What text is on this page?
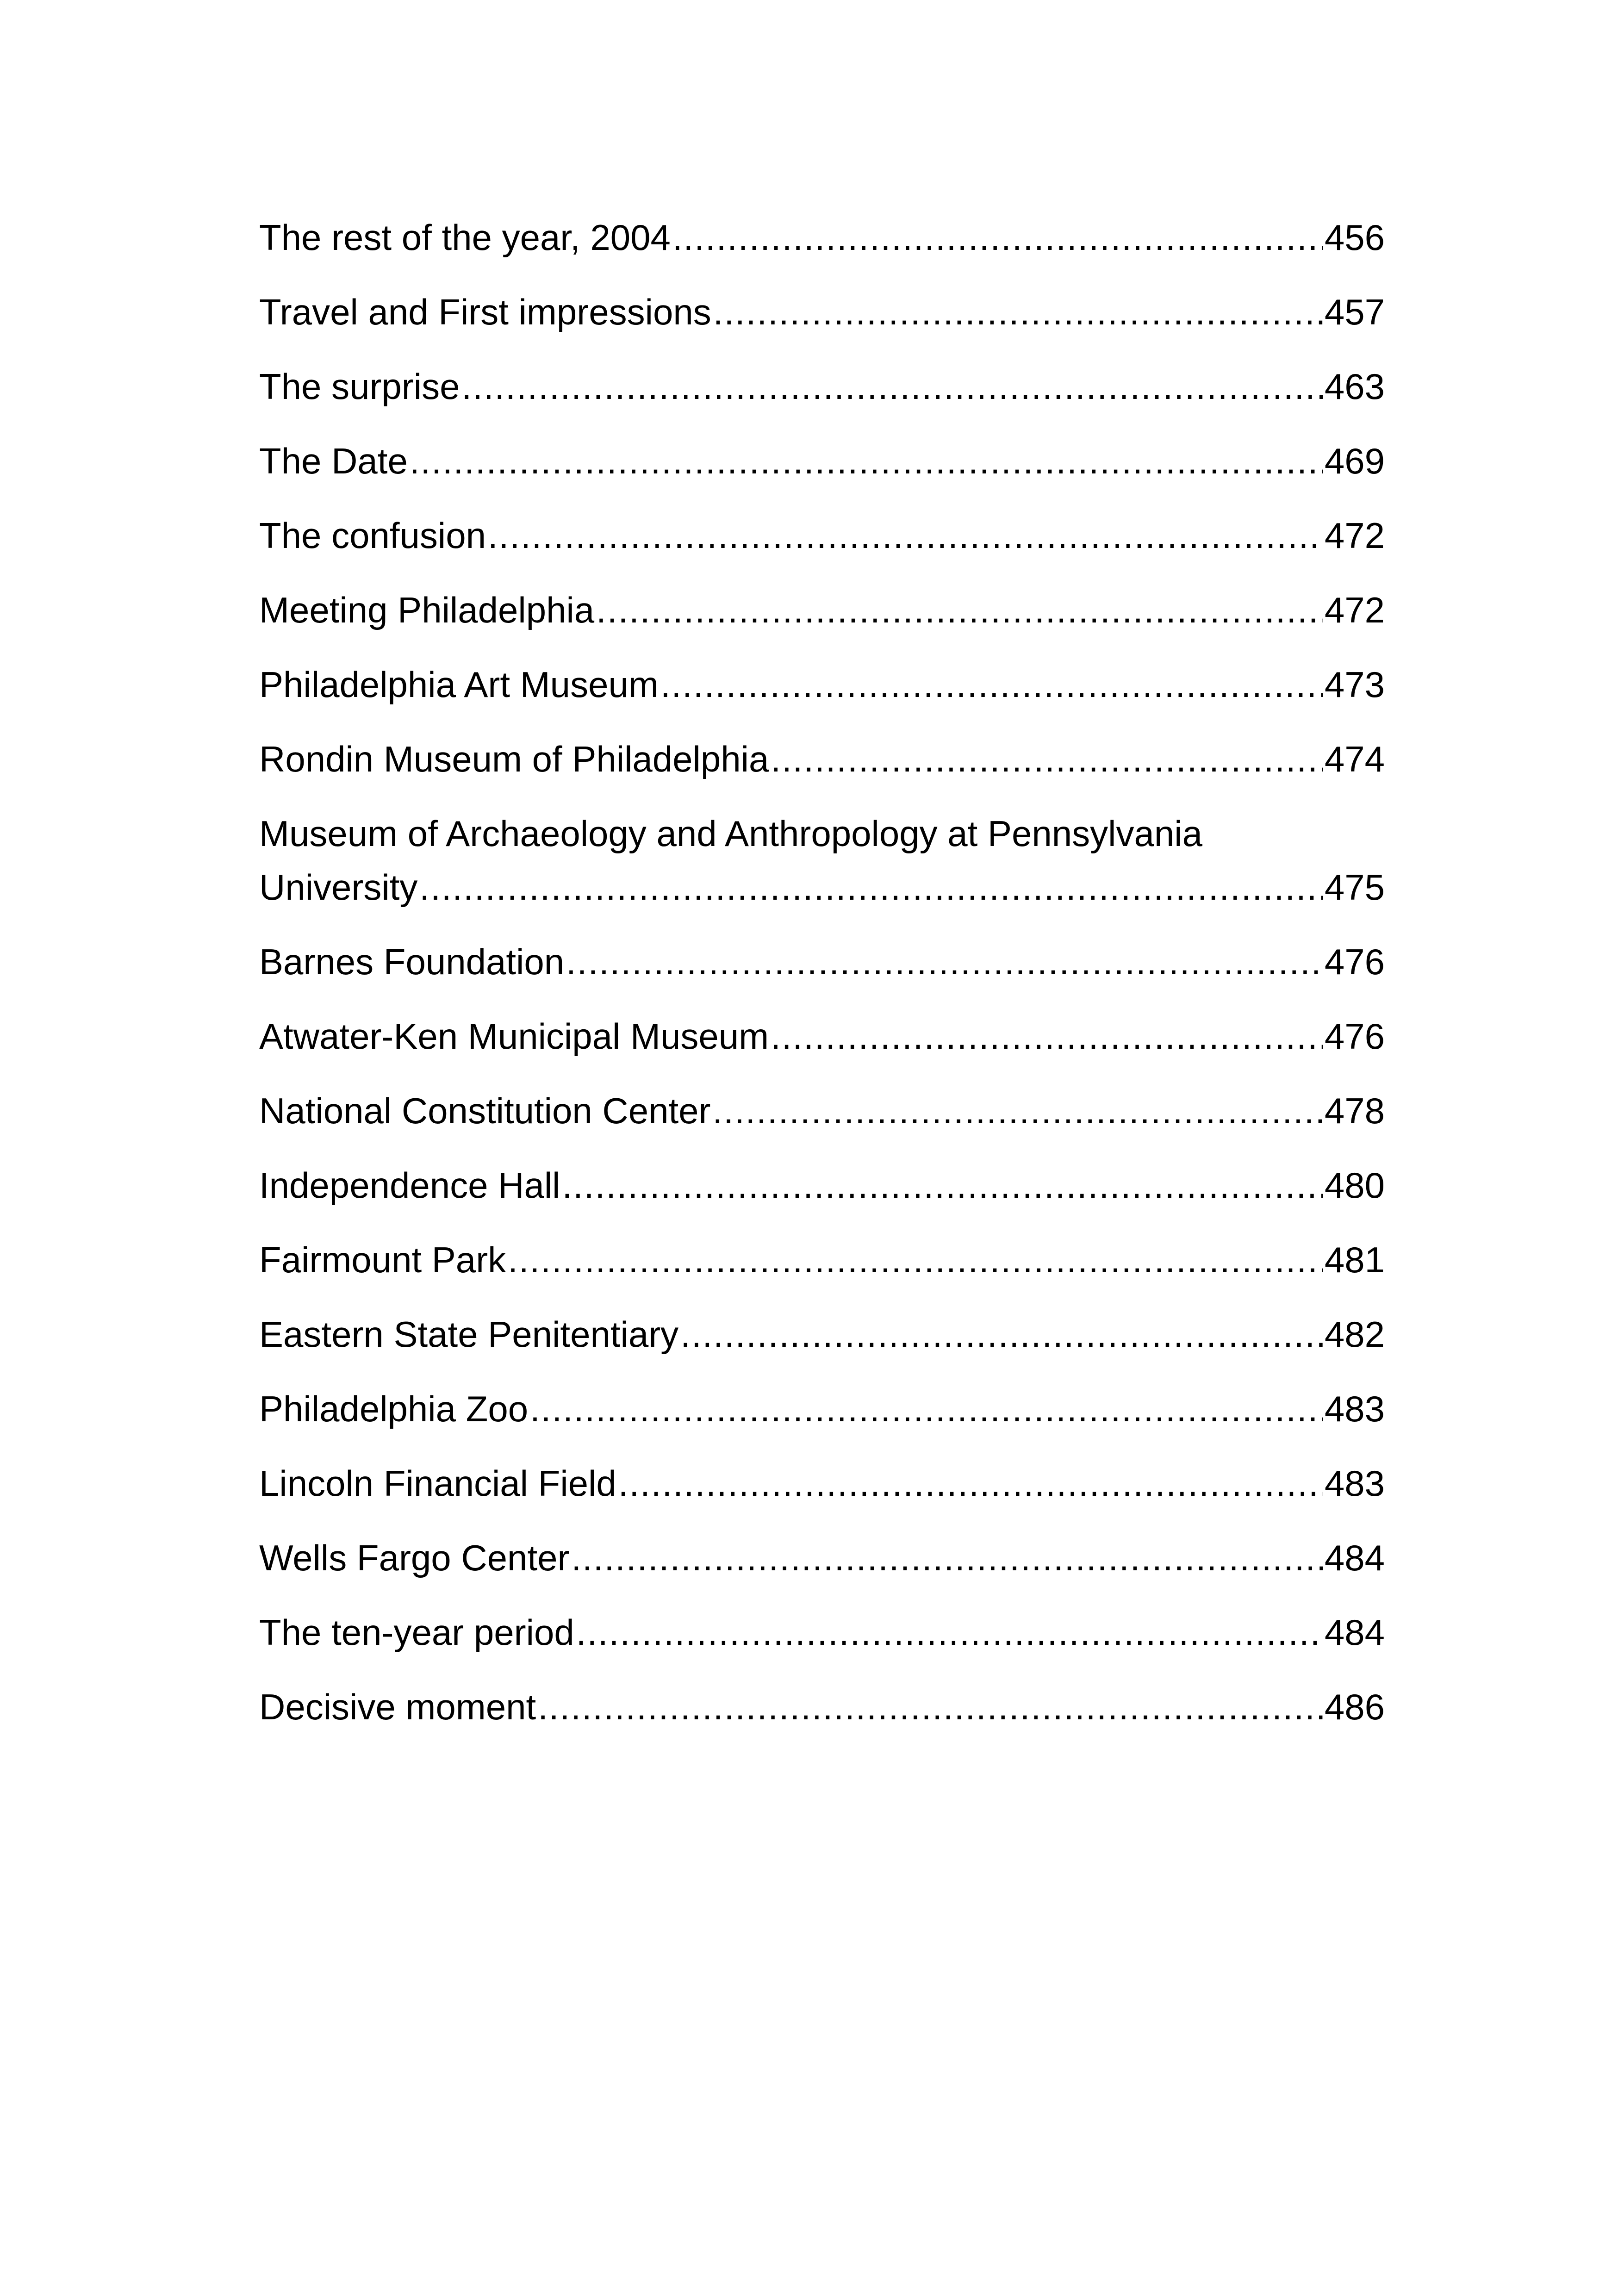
The rest of the year, 2004 .....	456
Travel and First impressions .....	457
The surprise .....	463
The Date .....	469
The confusion .....	472
Meeting Philadelphia .....	472
Philadelphia Art Museum .....	473
Rondin Museum of Philadelphia .....	474
Museum of Archaeology and Anthropology at Pennsylvania
University .....	475
Barnes Foundation .....	476
Atwater-Ken Municipal Museum .....	476
National Constitution Center .....	478
Independence Hall .....	480
Fairmount Park .....	481
Eastern State Penitentiary .....	482
Philadelphia Zoo .....	483
Lincoln Financial Field .....	483
Wells Fargo Center .....	484
The ten-year period .....	484
Decisive moment .....	486
